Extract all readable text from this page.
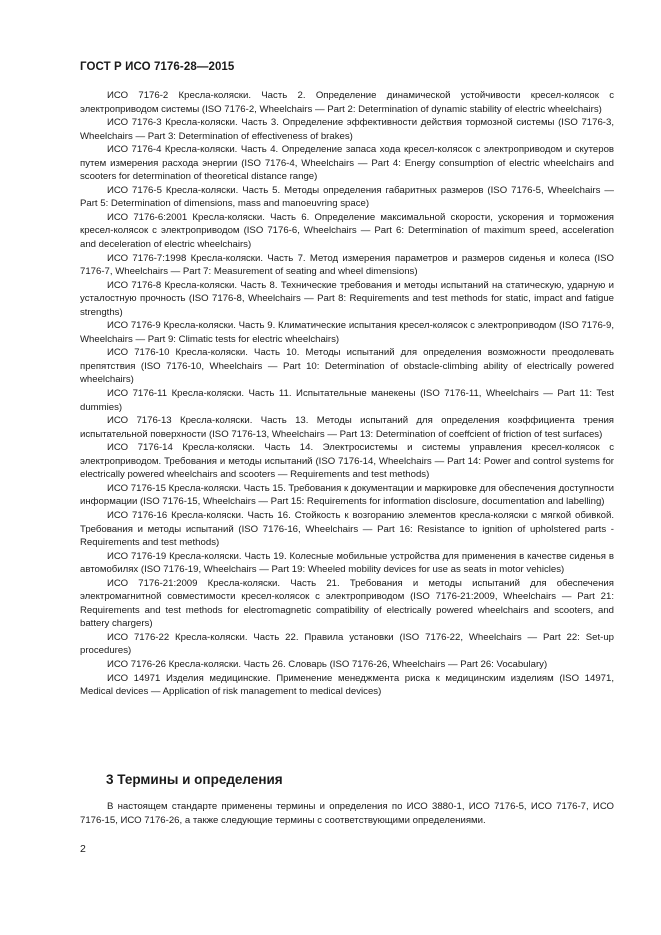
ГОСТ Р ИСО 7176-28—2015

ИСО 7176-2 Кресла-коляски. Часть 2. Определение динамической устойчивости кресел-колясок с электроприводом системы (ISO 7176-2, Wheelchairs — Part 2: Determination of dynamic stability of electric wheelchairs)

ИСО 7176-3 Кресла-коляски. Часть 3. Определение эффективности действия тормозной системы (ISO 7176-3, Wheelchairs — Part 3: Determination of effectiveness of brakes)

ИСО 7176-4 Кресла-коляски. Часть 4. Определение запаса хода кресел-колясок с электроприводом и скутеров путем измерения расхода энергии (ISO 7176-4, Wheelchairs — Part 4: Energy consumption of electric wheelchairs and scooters for determination of theoretical distance range)

ИСО 7176-5 Кресла-коляски. Часть 5. Методы определения габаритных размеров (ISO 7176-5, Wheelchairs — Part 5: Determination of dimensions, mass and manoeuvring space)

ИСО 7176-6:2001 Кресла-коляски. Часть 6. Определение максимальной скорости, ускорения и торможения кресел-колясок с электроприводом (ISO 7176-6, Wheelchairs — Part 6: Determination of maximum speed, acceleration and deceleration of electric wheelchairs)

ИСО 7176-7:1998 Кресла-коляски. Часть 7. Метод измерения параметров и размеров сиденья и колеса (ISO 7176-7, Wheelchairs — Part 7: Measurement of seating and wheel dimensions)

ИСО 7176-8 Кресла-коляски. Часть 8. Технические требования и методы испытаний на статическую, ударную и усталостную прочность (ISO 7176-8, Wheelchairs — Part 8: Requirements and test methods for static, impact and fatigue strengths)

ИСО 7176-9 Кресла-коляски. Часть 9. Климатические испытания кресел-колясок с электроприводом (ISO 7176-9, Wheelchairs — Part 9: Climatic tests for electric wheelchairs)

ИСО 7176-10 Кресла-коляски. Часть 10. Методы испытаний для определения возможности преодолевать препятствия (ISO 7176-10, Wheelchairs — Part 10: Determination of obstacle-climbing ability of electrically powered wheelchairs)

ИСО 7176-11 Кресла-коляски. Часть 11. Испытательные манекены (ISO 7176-11, Wheelchairs — Part 11: Test dummies)

ИСО 7176-13 Кресла-коляски. Часть 13. Методы испытаний для определения коэффициента трения испытательной поверхности (ISO 7176-13, Wheelchairs — Part 13: Determination of coeffcient of friction of test surfaces)

ИСО 7176-14 Кресла-коляски. Часть 14. Электросистемы и системы управления кресел-колясок с электроприводом. Требования и методы испытаний (ISO 7176-14, Wheelchairs — Part 14: Power and control systems for electrically powered wheelchairs and scooters — Requirements and test methods)

ИСО 7176-15 Кресла-коляски. Часть 15. Требования к документации и маркировке для обеспечения доступности информации (ISO 7176-15, Wheelchairs — Part 15: Requirements for information disclosure, documentation and labelling)

ИСО 7176-16 Кресла-коляски. Часть 16. Стойкость к возгоранию элементов кресла-коляски с мягкой обивкой. Требования и методы испытаний (ISO 7176-16, Wheelchairs — Part 16: Resistance to ignition of upholstered parts - Requirements and test methods)

ИСО 7176-19 Кресла-коляски. Часть 19. Колесные мобильные устройства для применения в качестве сиденья в автомобилях (ISO 7176-19, Wheelchairs — Part 19: Wheeled mobility devices for use as seats in motor vehicles)

ИСО 7176-21:2009 Кресла-коляски. Часть 21. Требования и методы испытаний для обеспечения электромагнитной совместимости кресел-колясок с электроприводом (ISO 7176-21:2009, Wheelchairs — Part 21: Requirements and test methods for electromagnetic compatibility of electrically powered wheelchairs and scooters, and battery chargers)

ИСО 7176-22 Кресла-коляски. Часть 22. Правила установки (ISO 7176-22, Wheelchairs — Part 22: Set-up procedures)

ИСО 7176-26 Кресла-коляски. Часть 26. Словарь (ISO 7176-26, Wheelchairs — Part 26: Vocabulary)

ИСО 14971 Изделия медицинские. Применение менеджмента риска к медицинским изделиям (ISO 14971, Medical devices — Application of risk management to medical devices)

3 Термины и определения

В настоящем стандарте применены термины и определения по ИСО 3880-1, ИСО 7176-5, ИСО 7176-7, ИСО 7176-15, ИСО 7176-26, а также следующие термины с соответствующими определениями.

2
